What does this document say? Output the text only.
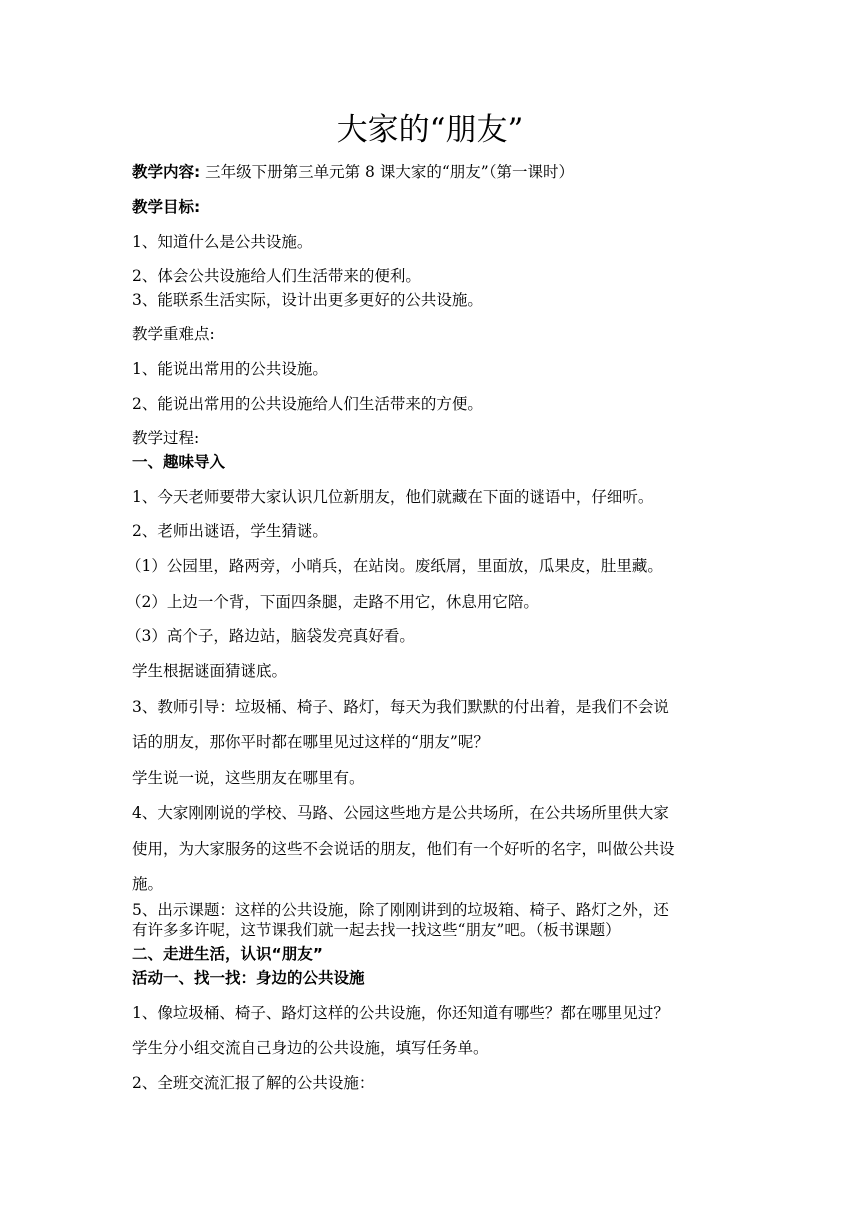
大家的“朋友”
教学内容: 三年级下册第三单元第 8 课大家的“朋友”（第一课时）
教学目标:
1、知道什么是公共设施。
2、体会公共设施给人们生活带来的便利。
3、能联系生活实际，设计出更多更好的公共设施。
教学重难点:
1、能说出常用的公共设施。
2、能说出常用的公共设施给人们生活带来的方便。
教学过程:
一、趣味导入
1、今天老师要带大家认识几位新朋友，他们就藏在下面的谜语中，仔细听。
2、老师出谜语，学生猜谜。
（1）公园里，路两旁，小哨兵，在站岗。废纸屑，里面放，瓜果皮，肚里藏。
（2）上边一个背，下面四条腿，走路不用它，休息用它陪。
（3）高个子，路边站，脑袋发亮真好看。
学生根据谜面猜谜底。
3、教师引导：垃圾桶、椅子、路灯，每天为我们默默的付出着，是我们不会说
话的朋友，那你平时都在哪里见过这样的“朋友”呢？
学生说一说，这些朋友在哪里有。
4、大家刚刚说的学校、马路、公园这些地方是公共场所，在公共场所里供大家
使用，为大家服务的这些不会说话的朋友，他们有一个好听的名字，叫做公共设
施。
5、出示课题：这样的公共设施，除了刚刚讲到的垃圾箱、椅子、路灯之外，还
有许多多许呢，这节课我们就一起去找一找这些“朋友”吧。（板书课题）
二、走进生活，认识“朋友”
活动一、找一找：身边的公共设施
1、像垃圾桶、椅子、路灯这样的公共设施，你还知道有哪些？都在哪里见过？
学生分小组交流自己身边的公共设施，填写任务单。
2、全班交流汇报了解的公共设施：
